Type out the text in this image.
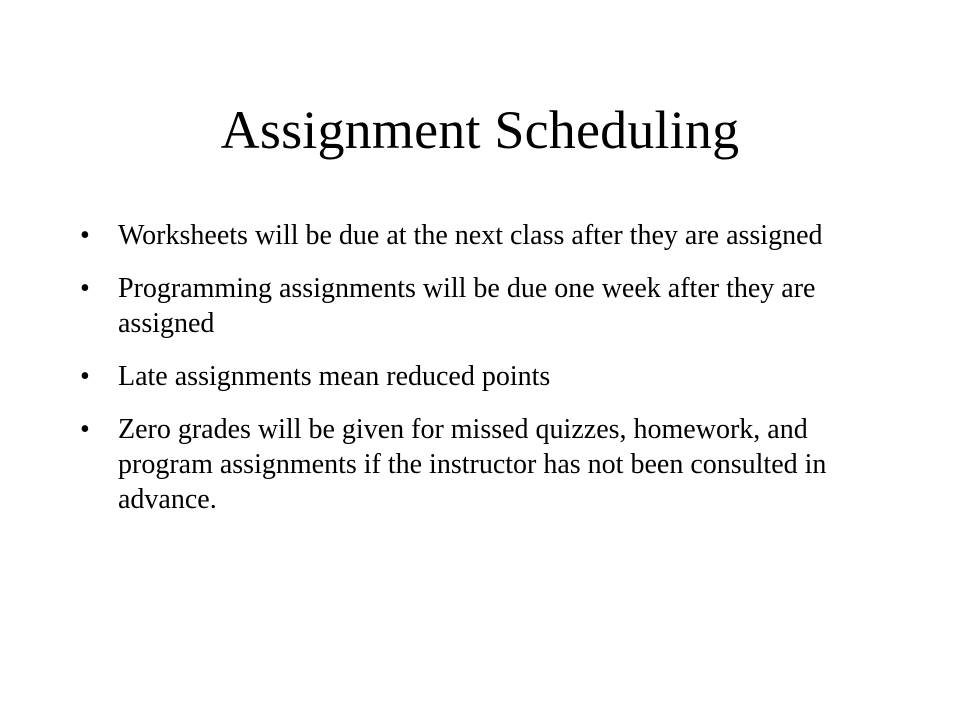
Assignment Scheduling
•	Worksheets will be due at the next class after they are assigned
•	Programming assignments will be due one week after they are assigned
•	Late assignments mean reduced points
•	Zero grades will be given for missed quizzes, homework, and program assignments if the instructor has not been consulted in advance.
